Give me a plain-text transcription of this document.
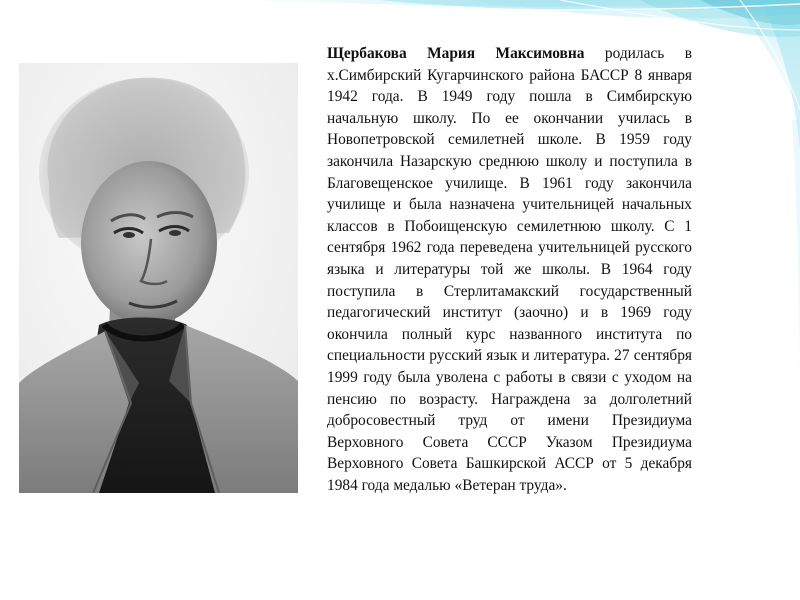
Щербакова Мария Максимовна родилась в х.Симбирский Кугарчинского района БАССР 8 января 1942 года. В 1949 году пошла в Симбирскую начальную школу. По ее окончании училась в Новопетровской семилетней школе. В 1959 году закончила Назарскую среднюю школу и поступила в Благовещенское училище. В 1961 году закончила училище и была назначена учительницей начальных классов в Побоищенскую семилетнюю школу. С 1 сентября 1962 года переведена учительницей русского языка и литературы той же школы. В 1964 году поступила в Стерлитамакский государственный педагогический институт (заочно) и в 1969 году окончила полный курс названного института по специальности русский язык и литература. 27 сентября 1999 году была уволена с работы в связи с уходом на пенсию по возрасту. Награждена за долголетний добросовестный труд от имени Президиума Верховного Совета СССР Указом Президиума Верховного Совета Башкирской АССР от 5 декабря 1984 года медалью «Ветеран труда».
